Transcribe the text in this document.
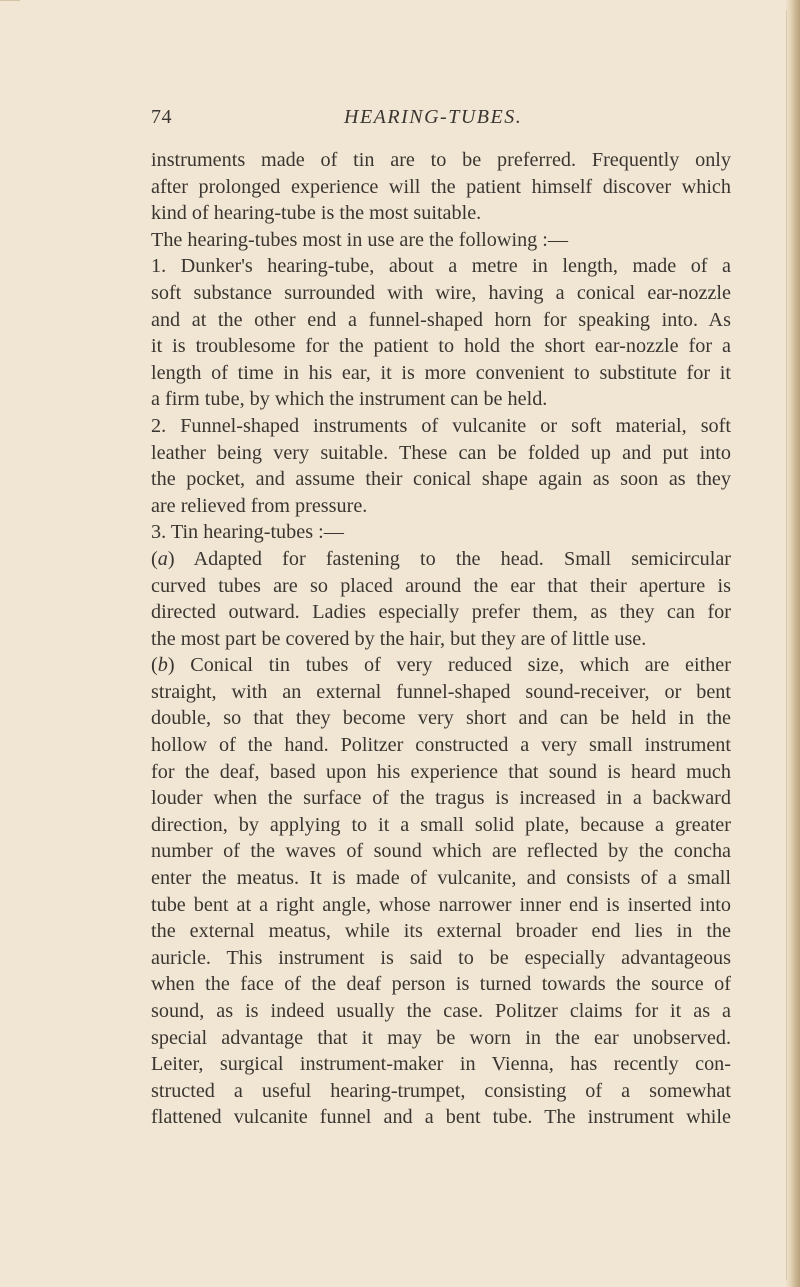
74	HEARING-TUBES.
instruments made of tin are to be preferred. Frequently only
after prolonged experience will the patient himself discover which
kind of hearing-tube is the most suitable.
The hearing-tubes most in use are the following :—
1. Dunker's hearing-tube, about a metre in length, made of a
soft substance surrounded with wire, having a conical ear-nozzle
and at the other end a funnel-shaped horn for speaking into. As
it is troublesome for the patient to hold the short ear-nozzle for a
length of time in his ear, it is more convenient to substitute for it
a firm tube, by which the instrument can be held.
2. Funnel-shaped instruments of vulcanite or soft material, soft
leather being very suitable. These can be folded up and put into
the pocket, and assume their conical shape again as soon as they
are relieved from pressure.
3. Tin hearing-tubes :—
(a) Adapted for fastening to the head. Small semicircular
curved tubes are so placed around the ear that their aperture is
directed outward. Ladies especially prefer them, as they can for
the most part be covered by the hair, but they are of little use.
(b) Conical tin tubes of very reduced size, which are either
straight, with an external funnel-shaped sound-receiver, or bent
double, so that they become very short and can be held in the
hollow of the hand. Politzer constructed a very small instrument
for the deaf, based upon his experience that sound is heard much
louder when the surface of the tragus is increased in a backward
direction, by applying to it a small solid plate, because a greater
number of the waves of sound which are reflected by the concha
enter the meatus. It is made of vulcanite, and consists of a small
tube bent at a right angle, whose narrower inner end is inserted into
the external meatus, while its external broader end lies in the
auricle. This instrument is said to be especially advantageous
when the face of the deaf person is turned towards the source of
sound, as is indeed usually the case. Politzer claims for it as a
special advantage that it may be worn in the ear unobserved.
Leiter, surgical instrument-maker in Vienna, has recently con-
structed a useful hearing-trumpet, consisting of a somewhat
flattened vulcanite funnel and a bent tube. The instrument while
